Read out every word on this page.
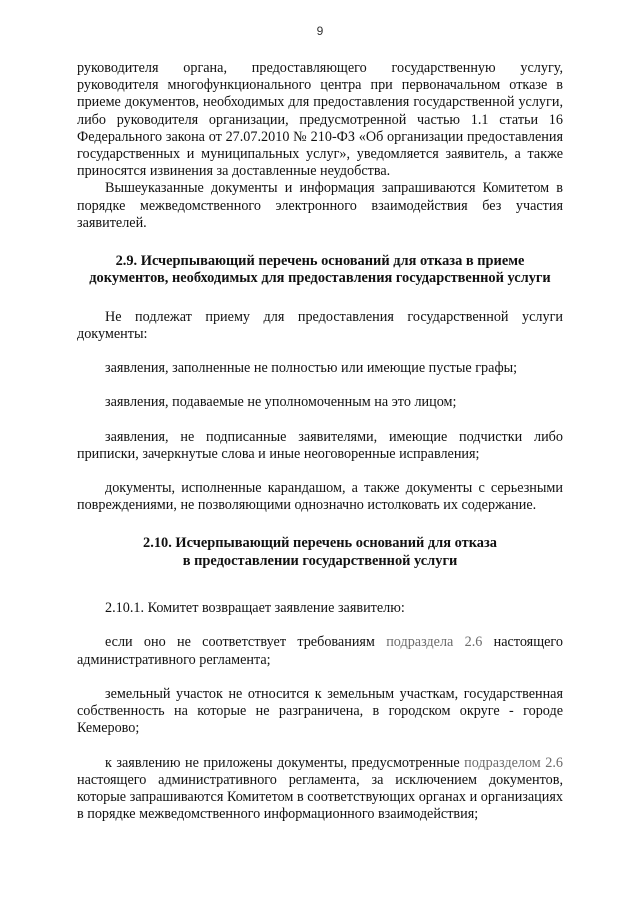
9

руководителя органа, предоставляющего государственную услугу, руководителя многофункционального центра при первоначальном отказе в приеме документов, необходимых для предоставления государственной услуги, либо руководителя организации, предусмотренной частью 1.1 статьи 16 Федерального закона от 27.07.2010 № 210-ФЗ «Об организации предоставления государственных и муниципальных услуг», уведомляется заявитель, а также приносятся извинения за доставленные неудобства.

Вышеуказанные документы и информация запрашиваются Комитетом в порядке межведомственного электронного взаимодействия без участия заявителей.

2.9. Исчерпывающий перечень оснований для отказа в приеме документов, необходимых для предоставления государственной услуги

Не подлежат приему для предоставления государственной услуги документы:

заявления, заполненные не полностью или имеющие пустые графы;

заявления, подаваемые не уполномоченным на это лицом;

заявления, не подписанные заявителями, имеющие подчистки либо приписки, зачеркнутые слова и иные неоговоренные исправления;

документы, исполненные карандашом, а также документы с серьезными повреждениями, не позволяющими однозначно истолковать их содержание.

2.10. Исчерпывающий перечень оснований для отказа

в предоставлении государственной услуги

2.10.1. Комитет возвращает заявление заявителю:

если оно не соответствует требованиям подраздела 2.6 настоящего административного регламента;

земельный участок не относится к земельным участкам, государственная собственность на которые не разграничена, в городском округе - городе Кемерово;

к заявлению не приложены документы, предусмотренные подразделом 2.6 настоящего административного регламента, за исключением документов, которые запрашиваются Комитетом в соответствующих органах и организациях в порядке межведомственного информационного взаимодействия;
